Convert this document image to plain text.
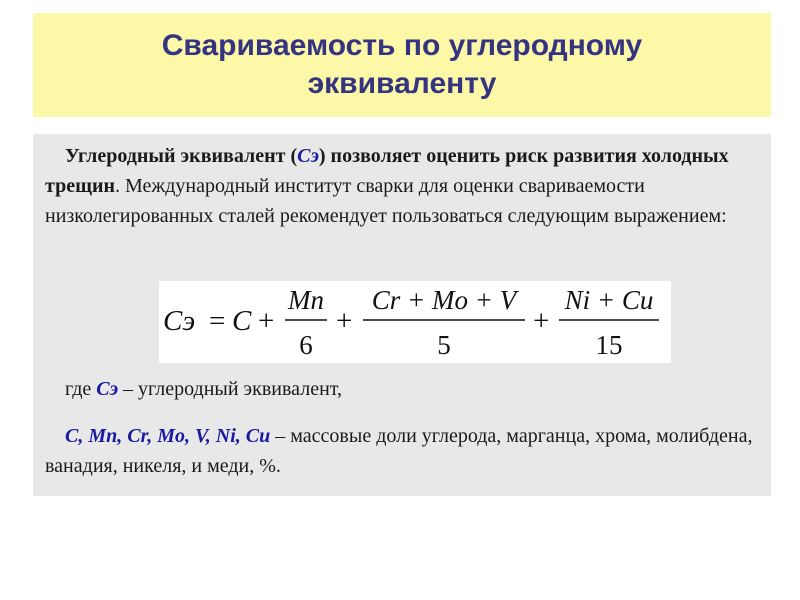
Свариваемость по углеродному
эквиваленту

Углеродный эквивалент (Сэ) позволяет оценить риск развития холодных трещин. Международный институт сварки для оценки свариваемости низколегированных сталей рекомендует пользоваться следующим выражением:

Cэ = C +
Mn
6
+
Cr + Mo + V
5
+
Ni + Cu
15

где Сэ – углеродный эквивалент,

C, Mn, Cr, Mo, V, Ni, Cu – массовые доли углерода, марганца, хрома, молибдена, ванадия, никеля, и меди, %.
